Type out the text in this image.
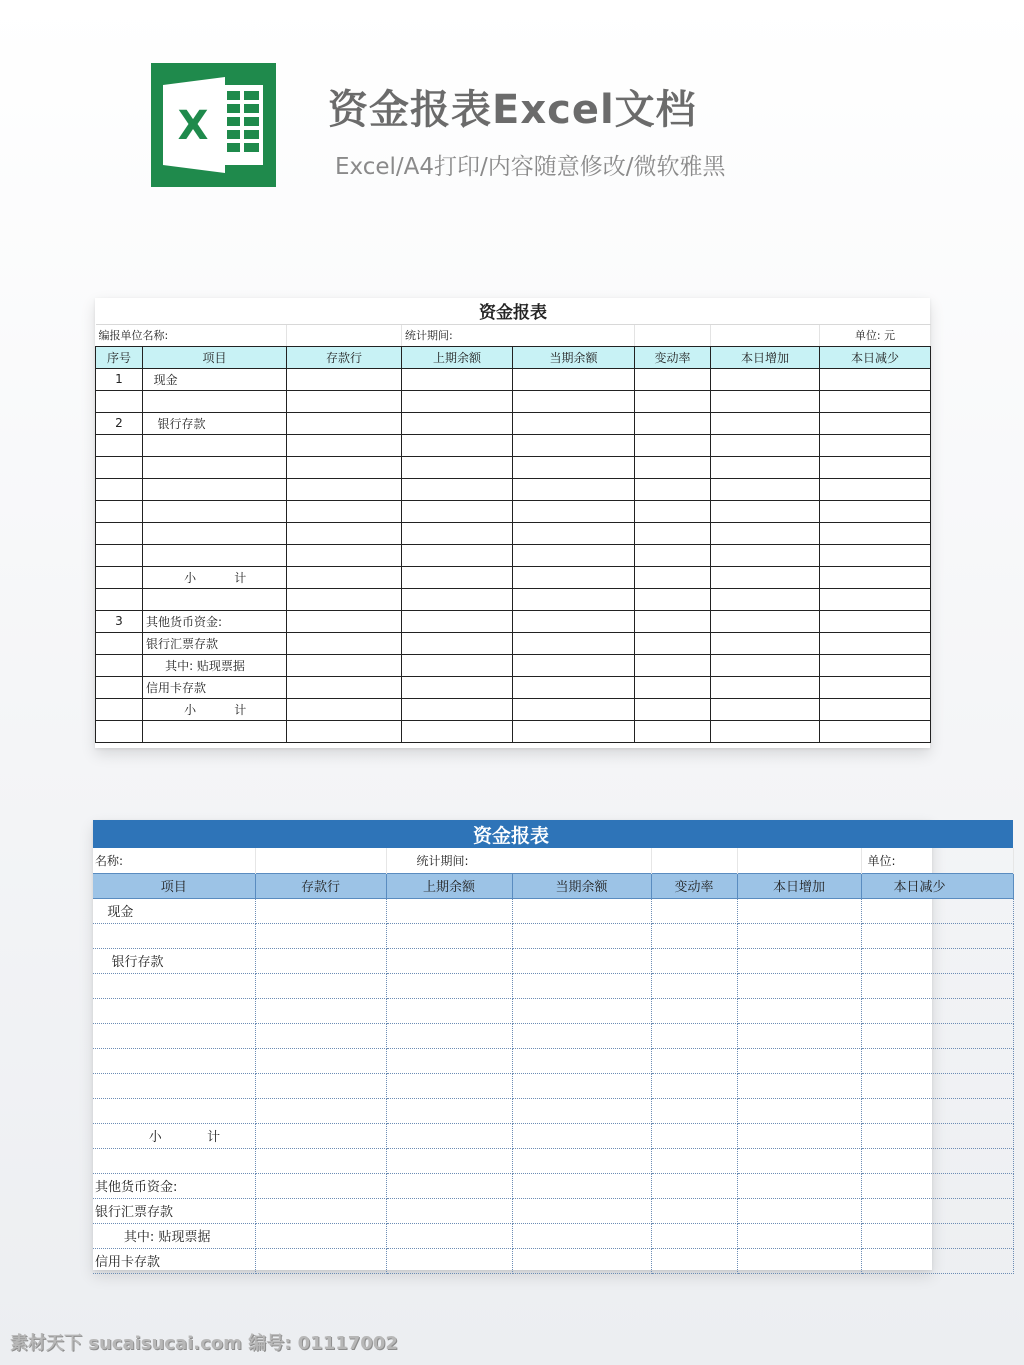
X	资金报表Excel文档
Excel/A4打印/内容随意修改/微软雅黑
资金报表							
编报单位名称:			统计期间:				单位: 元
序号	项目	存款行	上期余额	当期余额	变动率	本日增加	本日减少
1	现金						

2	银行存款						

	小          计						

3	其他货币资金:						
	银行汇票存款						
	其中: 贴现票据						
	信用卡存款						
	小          计						

资金报表						
名称:		统计期间:				单位:
项目	存款行	上期余额	当期余额	变动率	本日增加	本日减少
现金						

银行存款						

小           计						

其他货币资金:						
银行汇票存款						
其中: 贴现票据						
信用卡存款						
素材天下 sucaisucai.com 编号: 01117002
